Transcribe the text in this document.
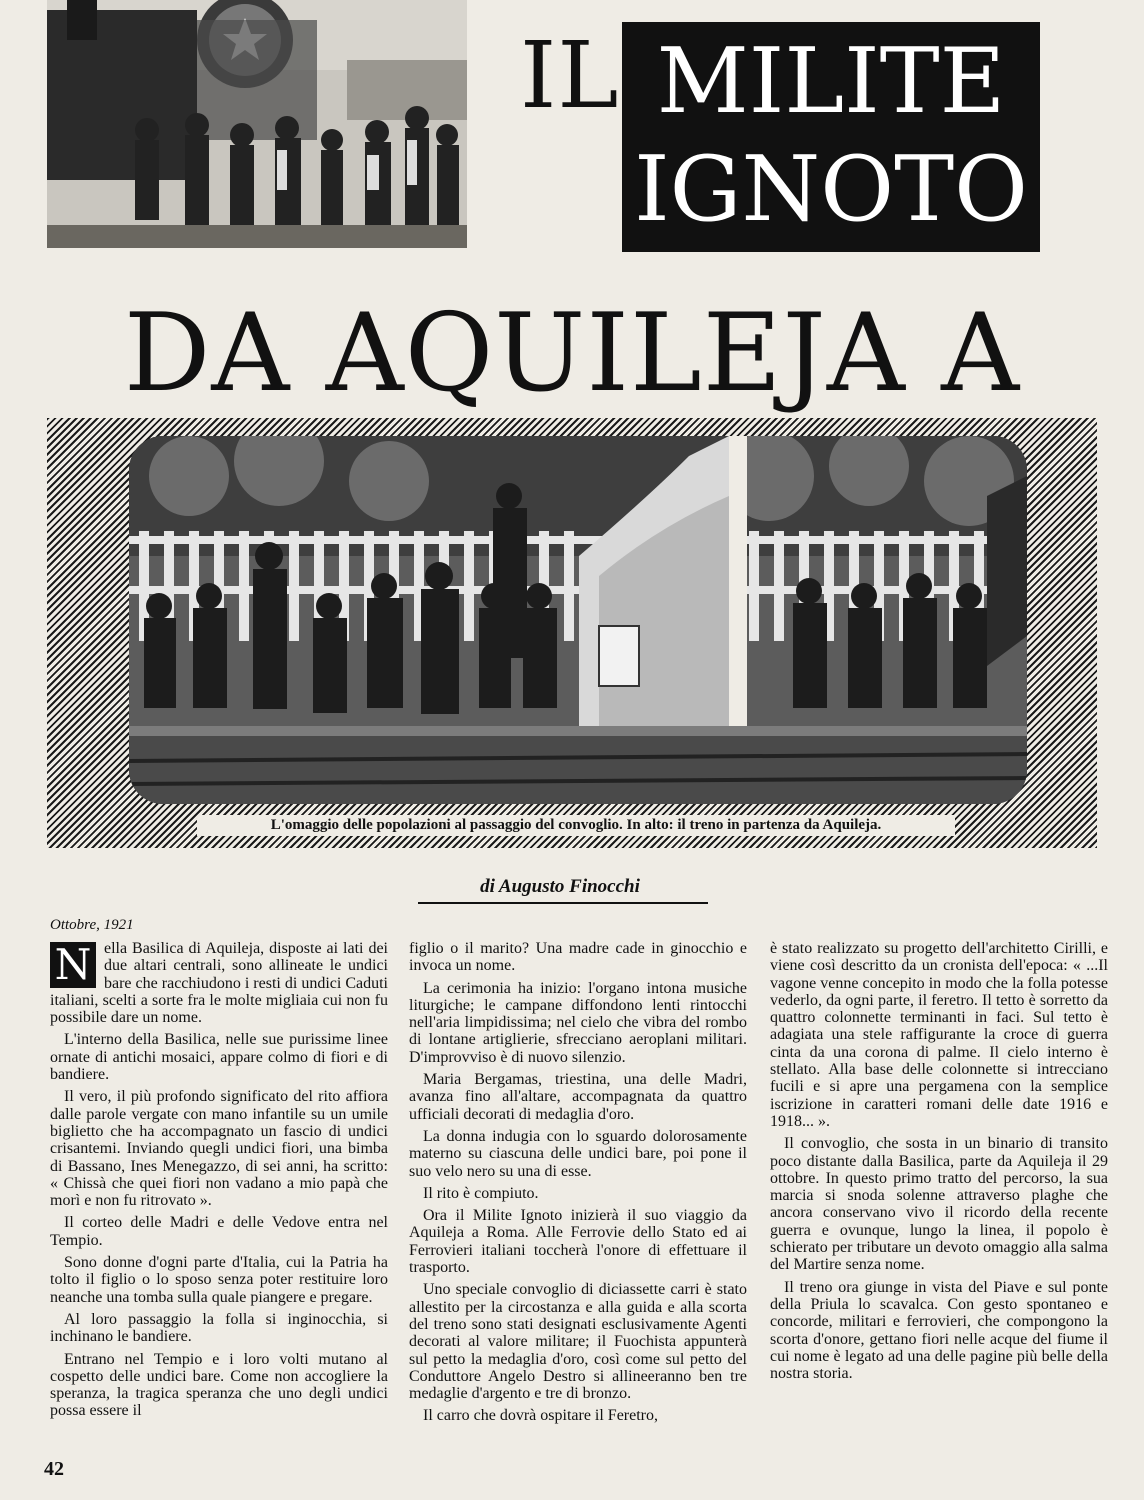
IL MILITE
IGNOTO
DA AQUILEJA A
L'omaggio delle popolazioni al passaggio del convoglio. In alto: il treno in partenza da Aquileja.
di Augusto Finocchi
Ottobre, 1921
N ella Basilica di Aquileja, disposte ai lati dei due altari centrali, sono allineate le undici bare che racchiudono i resti di undici Caduti italiani, scelti a sorte fra le molte migliaia cui non fu possibile dare un nome.

L'interno della Basilica, nelle sue purissime linee ornate di antichi mosaici, appare colmo di fiori e di bandiere.

Il vero, il più profondo significato del rito affiora dalle parole vergate con mano infantile su un umile biglietto che ha accompagnato un fascio di undici crisantemi. Inviando quegli undici fiori, una bimba di Bassano, Ines Menegazzo, di sei anni, ha scritto: « Chissà che quei fiori non vadano a mio papà che morì e non fu ritrovato ».

Il corteo delle Madri e delle Vedove entra nel Tempio.

Sono donne d'ogni parte d'Italia, cui la Patria ha tolto il figlio o lo sposo senza poter restituire loro neanche una tomba sulla quale piangere e pregare.

Al loro passaggio la folla si inginocchia, si inchinano le bandiere.

Entrano nel Tempio e i loro volti mutano al cospetto delle undici bare. Come non accogliere la speranza, la tragica speranza che uno degli undici possa essere il

figlio o il marito? Una madre cade in ginocchio e invoca un nome.

La cerimonia ha inizio: l'organo intona musiche liturgiche; le campane diffondono lenti rintocchi nell'aria limpidissima; nel cielo che vibra del rombo di lontane artiglierie, sfrecciano aeroplani militari. D'improvviso è di nuovo silenzio.

Maria Bergamas, triestina, una delle Madri, avanza fino all'altare, accompagnata da quattro ufficiali decorati di medaglia d'oro.

La donna indugia con lo sguardo dolorosamente materno su ciascuna delle undici bare, poi pone il suo velo nero su una di esse.

Il rito è compiuto.

Ora il Milite Ignoto inizierà il suo viaggio da Aquileja a Roma. Alle Ferrovie dello Stato ed ai Ferrovieri italiani toccherà l'onore di effettuare il trasporto.

Uno speciale convoglio di diciassette carri è stato allestito per la circostanza e alla guida e alla scorta del treno sono stati designati esclusivamente Agenti decorati al valore militare; il Fuochista appunterà sul petto la medaglia d'oro, così come sul petto del Conduttore Angelo Destro si allineeranno ben tre medaglie d'argento e tre di bronzo.

Il carro che dovrà ospitare il Feretro,

è stato realizzato su progetto dell'architetto Cirilli, e viene così descritto da un cronista dell'epoca: « ...Il vagone venne concepito in modo che la folla potesse vederlo, da ogni parte, il feretro. Il tetto è sorretto da quattro colonnette terminanti in faci. Sul tetto è adagiata una stele raffigurante la croce di guerra cinta da una corona di palme. Il cielo interno è stellato. Alla base delle colonnette si intrecciano fucili e si apre una pergamena con la semplice iscrizione in caratteri romani delle date 1916 e 1918... ».

Il convoglio, che sosta in un binario di transito poco distante dalla Basilica, parte da Aquileja il 29 ottobre. In questo primo tratto del percorso, la sua marcia si snoda solenne attraverso plaghe che ancora conservano vivo il ricordo della recente guerra e ovunque, lungo la linea, il popolo è schierato per tributare un devoto omaggio alla salma del Martire senza nome.

Il treno ora giunge in vista del Piave e sul ponte della Priula lo scavalca. Con gesto spontaneo e concorde, militari e ferrovieri, che compongono la scorta d'onore, gettano fiori nelle acque del fiume il cui nome è legato ad una delle pagine più belle della nostra storia.

42
